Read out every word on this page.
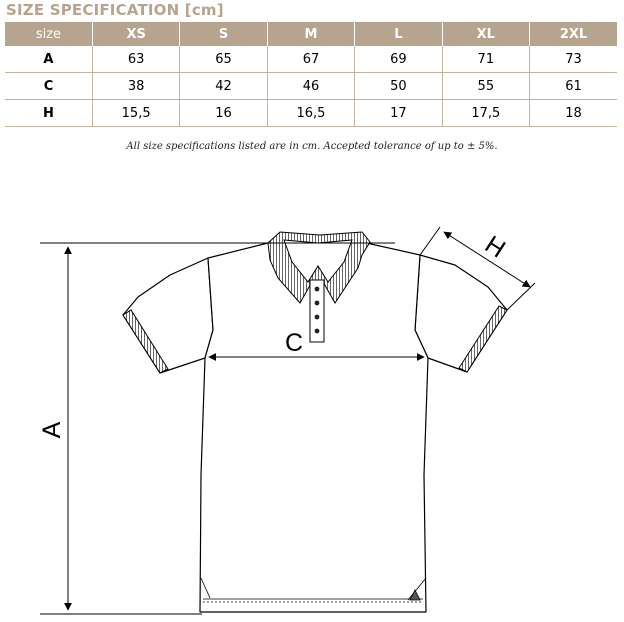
SIZE SPECIFICATION [cm]
size	XS	S	M	L	XL	2XL
A	63	65	67	69	71	73
C	38	42	46	50	55	61
H	15,5	16	16,5	17	17,5	18
All size specifications listed are in cm. Accepted tolerance of up to ± 5%.
A
C
H
